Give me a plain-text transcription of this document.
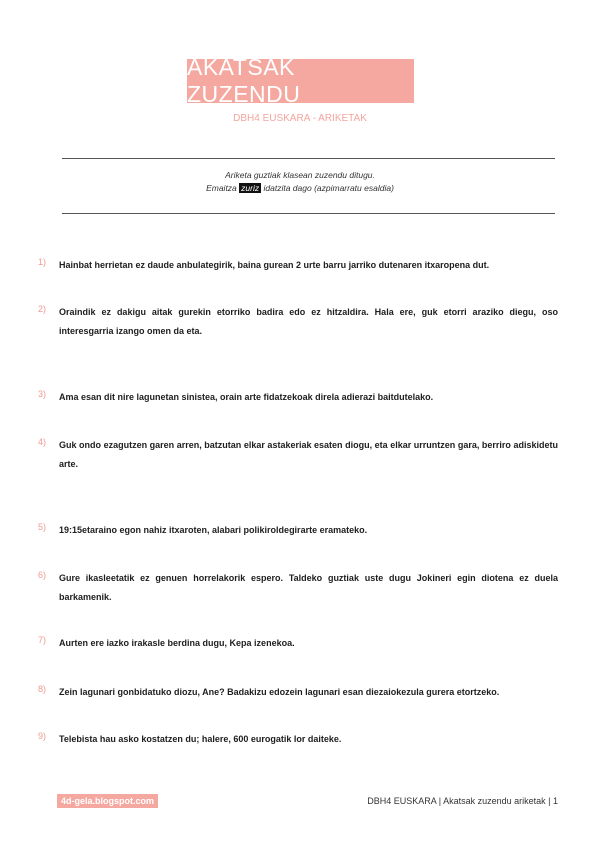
AKATSAK ZUZENDU
DBH4 EUSKARA - ARIKETAK
Ariketa guztiak klasean zuzendu ditugu.
Emaitza zuriz idatzita dago (azpimarratu esaldia)
1) Hainbat herrietan ez daude anbulategirik, baina gurean 2 urte barru jarriko dutenaren itxaropena dut.
2) Oraindik ez dakigu aitak gurekin etorriko badira edo ez hitzaldira. Hala ere, guk etorri araziko diegu, oso interesgarria izango omen da eta.
3) Ama esan dit nire lagunetan sinistea, orain arte fidatzekoak direla adierazi baitdutelako.
4) Guk ondo ezagutzen garen arren, batzutan elkar astakeriak esaten diogu, eta elkar urruntzen gara, berriro adiskidetu arte.
5) 19:15etaraino egon nahiz itxaroten, alabari polikiroldegirarte eramateko.
6) Gure ikasleetatik ez genuen horrelakorik espero. Taldeko guztiak uste dugu Jokineri egin diotena ez duela barkamenik.
7) Aurten ere iazko irakasle berdina dugu, Kepa izenekoa.
8) Zein lagunari gonbidatuko diozu, Ane? Badakizu edozein lagunari esan diezaiokezula gurera etortzeko.
9) Telebista hau asko kostatzen du; halere, 600 eurogatik lor daiteke.
4d-gela.blogspot.com	DBH4 EUSKARA | Akatsak zuzendu ariketak | 1
